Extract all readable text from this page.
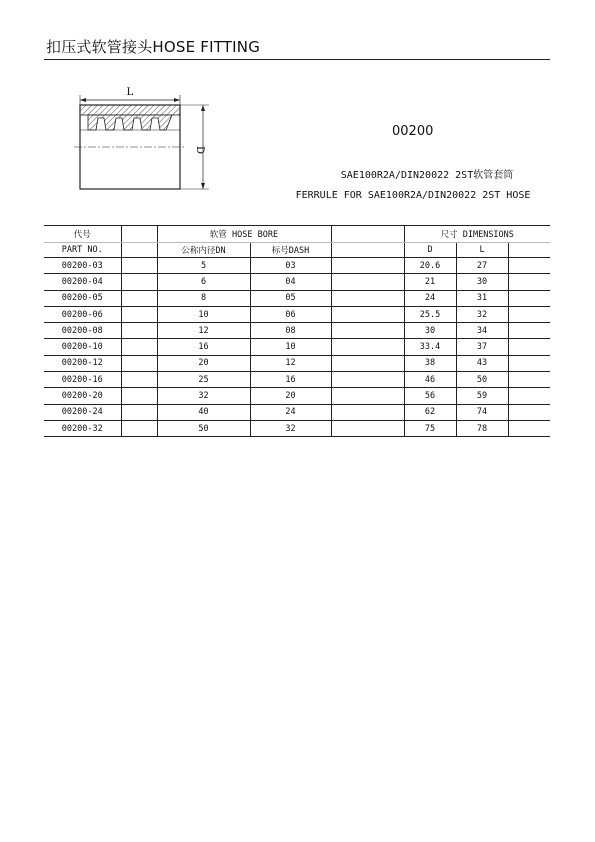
扣压式软管接头HOSE FITTING
L
D
00200
SAE100R2A/DIN20022 2ST软管套筒
FERRULE FOR SAE100R2A/DIN20022 2ST HOSE
代号		软管 HOSE BORE			尺寸 DIMENSIONS		
PART NO.		公称内径DN	标号DASH		D	L	
00200-03		5	03		20.6	27	
00200-04		6	04		21	30	
00200-05		8	05		24	31	
00200-06		10	06		25.5	32	
00200-08		12	08		30	34	
00200-10		16	10		33.4	37	
00200-12		20	12		38	43	
00200-16		25	16		46	50	
00200-20		32	20		56	59	
00200-24		40	24		62	74	
00200-32		50	32		75	78	
